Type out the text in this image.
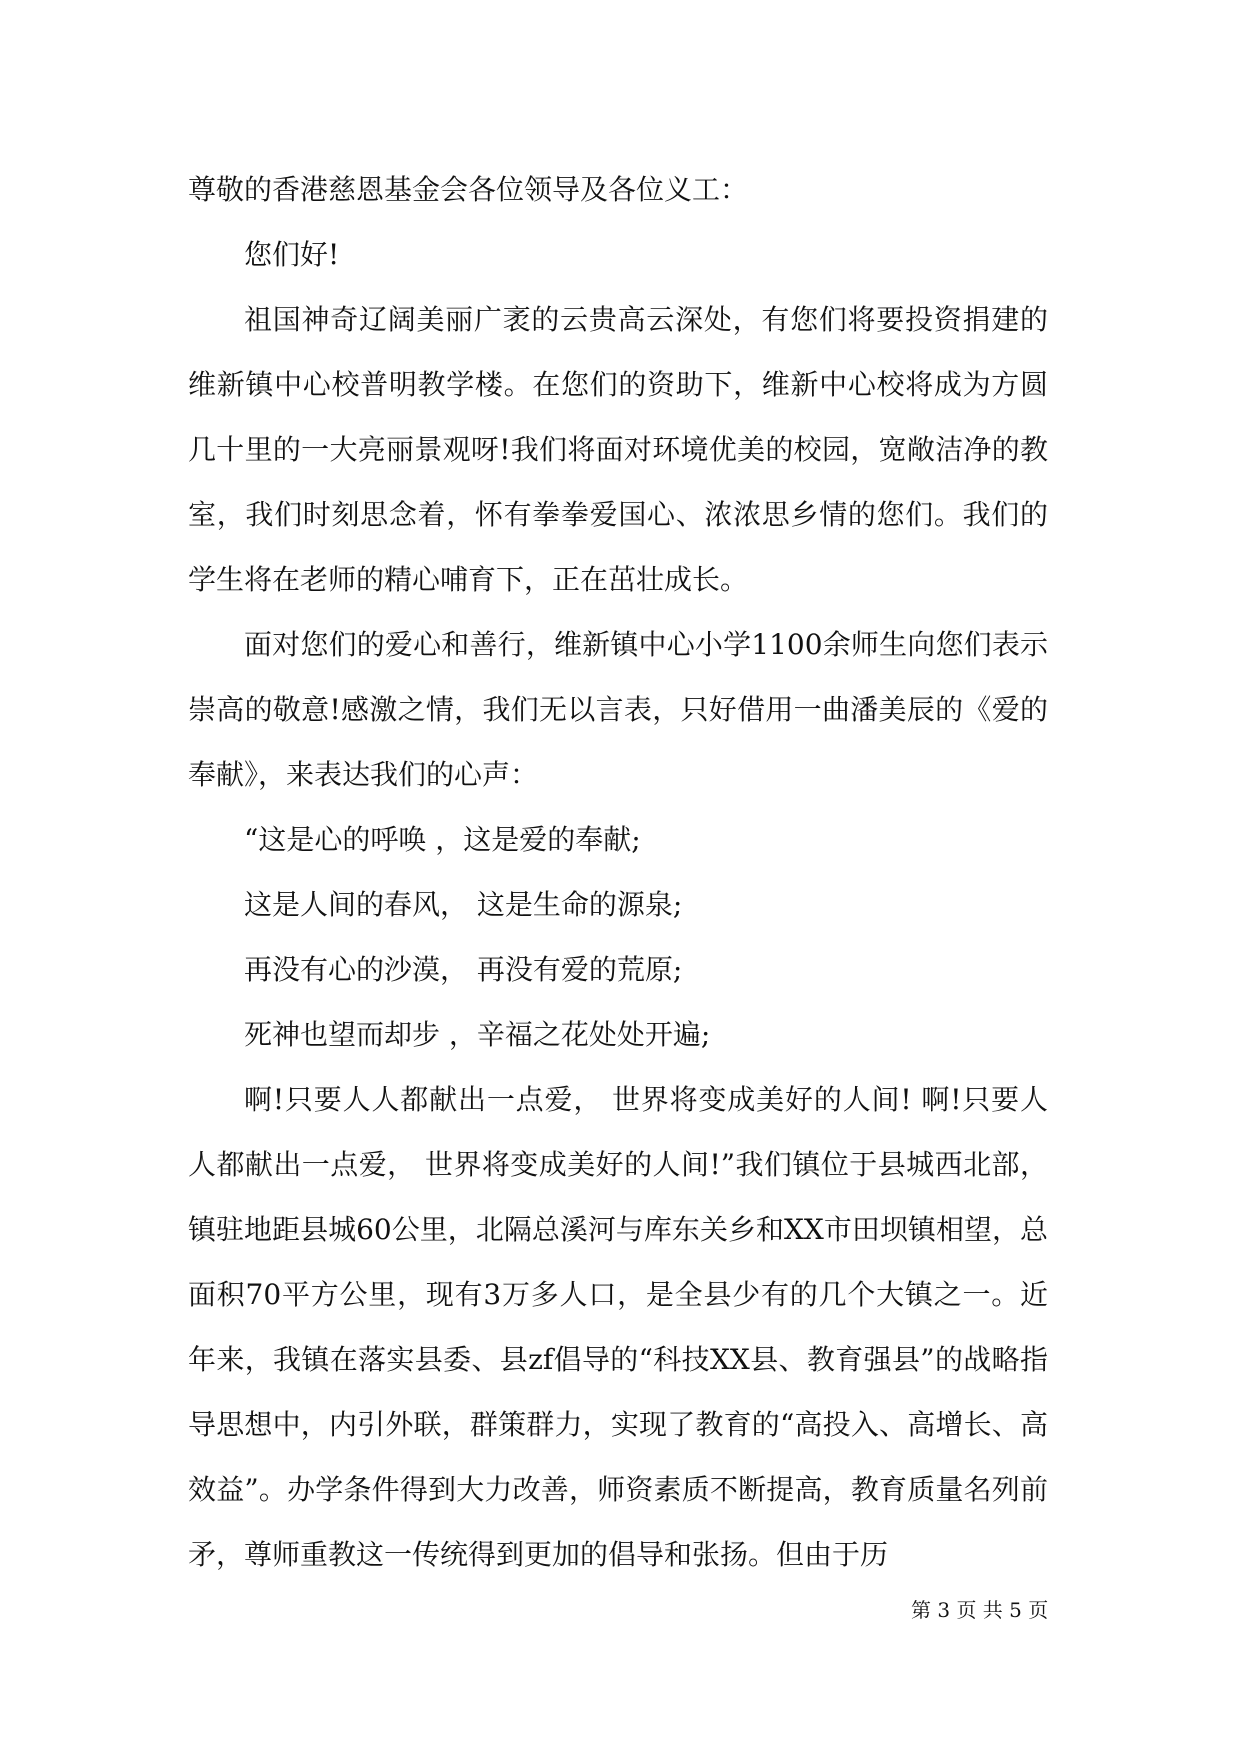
尊敬的香港慈恩基金会各位领导及各位义工：

您们好!

祖国神奇辽阔美丽广袤的云贵高云深处，有您们将要投资捐建的维新镇中心校普明教学楼。在您们的资助下，维新中心校将成为方圆几十里的一大亮丽景观呀!我们将面对环境优美的校园，宽敞洁净的教室，我们时刻思念着，怀有拳拳爱国心、浓浓思乡情的您们。我们的学生将在老师的精心哺育下，正在茁壮成长。

面对您们的爱心和善行，维新镇中心小学1100余师生向您们表示崇高的敬意!感激之情，我们无以言表，只好借用一曲潘美辰的《爱的奉献》，来表达我们的心声：

“这是心的呼唤 ，这是爱的奉献;

这是人间的春风， 这是生命的源泉;

再没有心的沙漠， 再没有爱的荒原;

死神也望而却步 ，辛福之花处处开遍;

啊!只要人人都献出一点爱， 世界将变成美好的人间! 啊!只要人人都献出一点爱， 世界将变成美好的人间!”我们镇位于县城西北部，镇驻地距县城60公里，北隔总溪河与库东关乡和XX市田坝镇相望，总面积70平方公里，现有3万多人口，是全县少有的几个大镇之一。近年来，我镇在落实县委、县zf倡导的“科技XX县、教育强县”的战略指导思想中，内引外联，群策群力，实现了教育的“高投入、高增长、高效益”。办学条件得到大力改善，师资素质不断提高，教育质量名列前矛，尊师重教这一传统得到更加的倡导和张扬。但由于历

第 3 页 共 5 页
